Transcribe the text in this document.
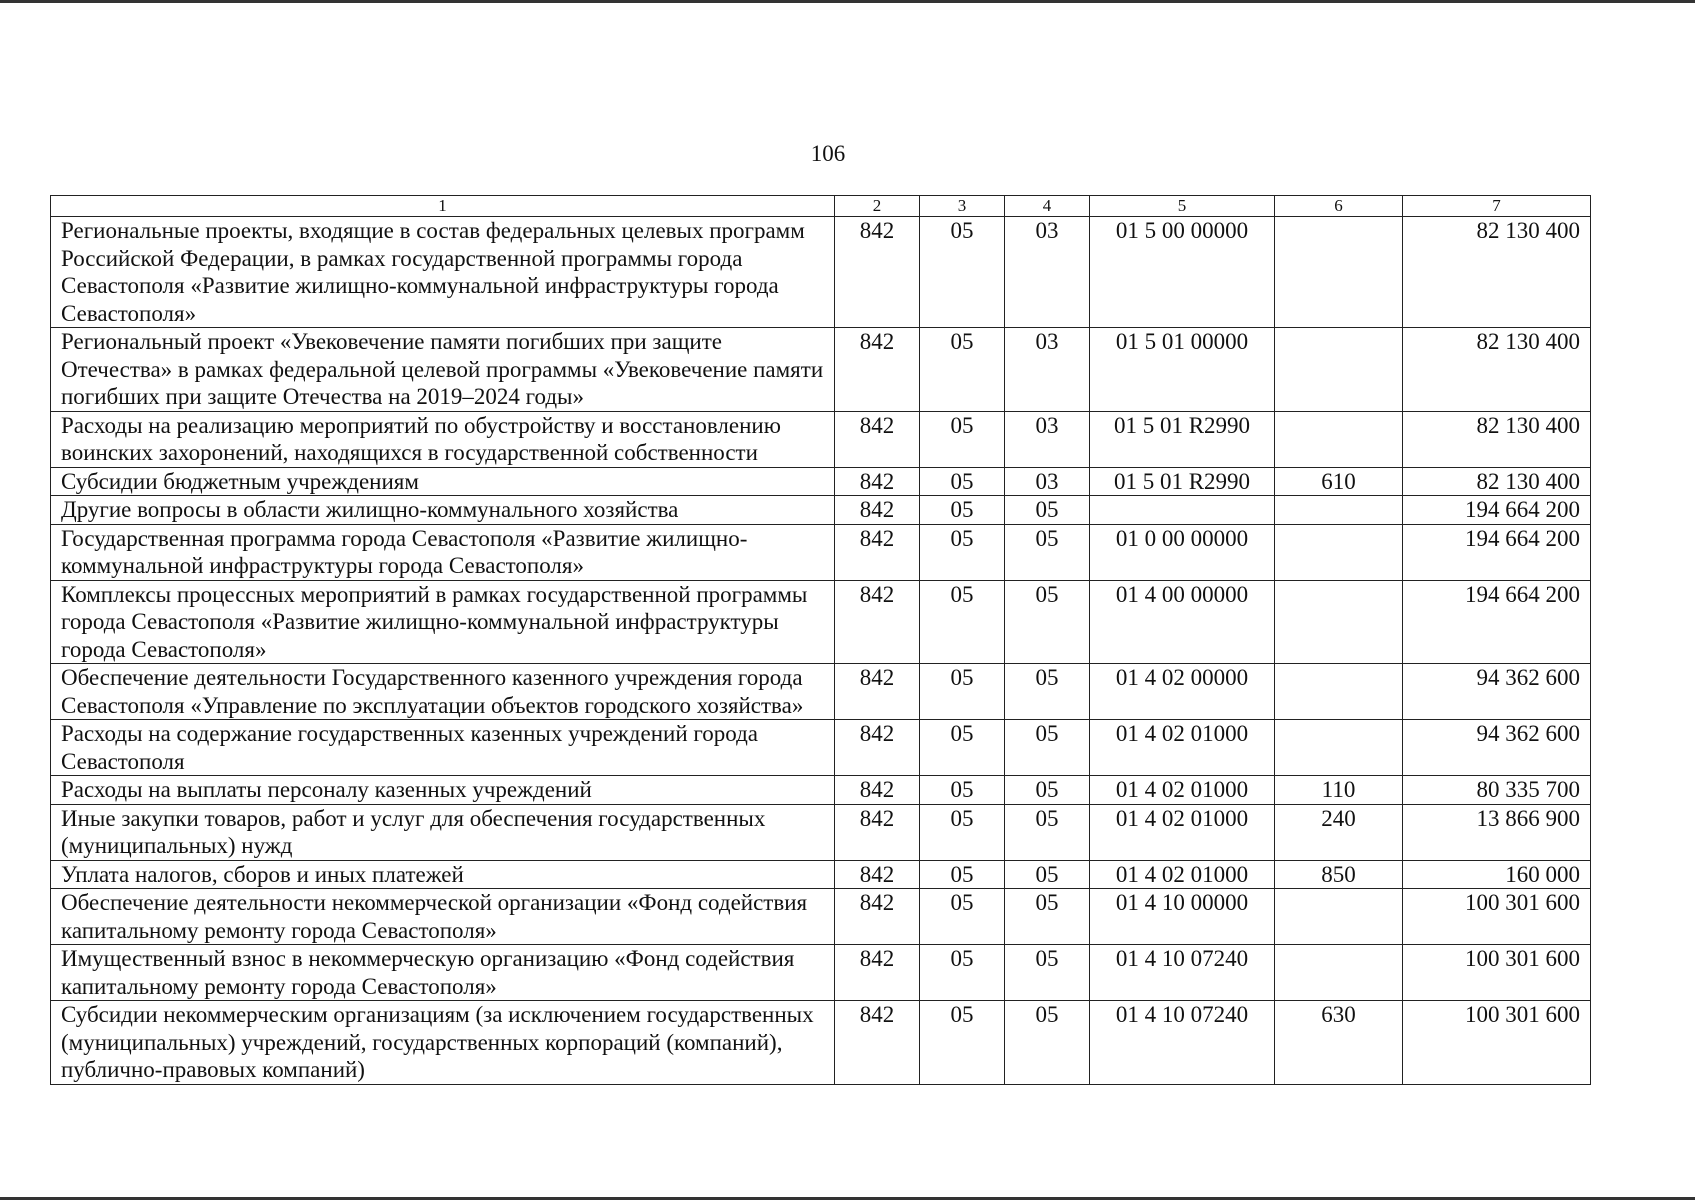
106
1	2	3	4	5	6	7
Региональные проекты, входящие в состав федеральных целевых программ Российской Федерации, в рамках государственной программы города Севастополя «Развитие жилищно-коммунальной инфраструктуры города Севастополя»	842	05	03	01 5 00 00000		82 130 400
Региональный проект «Увековечение памяти погибших при защите Отечества» в рамках федеральной целевой программы «Увековечение памяти погибших при защите Отечества на 2019–2024 годы»	842	05	03	01 5 01 00000		82 130 400
Расходы на реализацию мероприятий по обустройству и восстановлению воинских захоронений, находящихся в государственной собственности	842	05	03	01 5 01 R2990		82 130 400
Субсидии бюджетным учреждениям	842	05	03	01 5 01 R2990	610	82 130 400
Другие вопросы в области жилищно-коммунального хозяйства	842	05	05			194 664 200
Государственная программа города Севастополя «Развитие жилищно-коммунальной инфраструктуры города Севастополя»	842	05	05	01 0 00 00000		194 664 200
Комплексы процессных мероприятий в рамках государственной программы города Севастополя «Развитие жилищно-коммунальной инфраструктуры города Севастополя»	842	05	05	01 4 00 00000		194 664 200
Обеспечение деятельности Государственного казенного учреждения города Севастополя «Управление по эксплуатации объектов городского хозяйства»	842	05	05	01 4 02 00000		94 362 600
Расходы на содержание государственных казенных учреждений города Севастополя	842	05	05	01 4 02 01000		94 362 600
Расходы на выплаты персоналу казенных учреждений	842	05	05	01 4 02 01000	110	80 335 700
Иные закупки товаров, работ и услуг для обеспечения государственных (муниципальных) нужд	842	05	05	01 4 02 01000	240	13 866 900
Уплата налогов, сборов и иных платежей	842	05	05	01 4 02 01000	850	160 000
Обеспечение деятельности некоммерческой организации «Фонд содействия капитальному ремонту города Севастополя»	842	05	05	01 4 10 00000		100 301 600
Имущественный взнос в некоммерческую организацию «Фонд содействия капитальному ремонту города Севастополя»	842	05	05	01 4 10 07240		100 301 600
Субсидии некоммерческим организациям (за исключением государственных (муниципальных) учреждений, государственных корпораций (компаний), публично-правовых компаний)	842	05	05	01 4 10 07240	630	100 301 600
